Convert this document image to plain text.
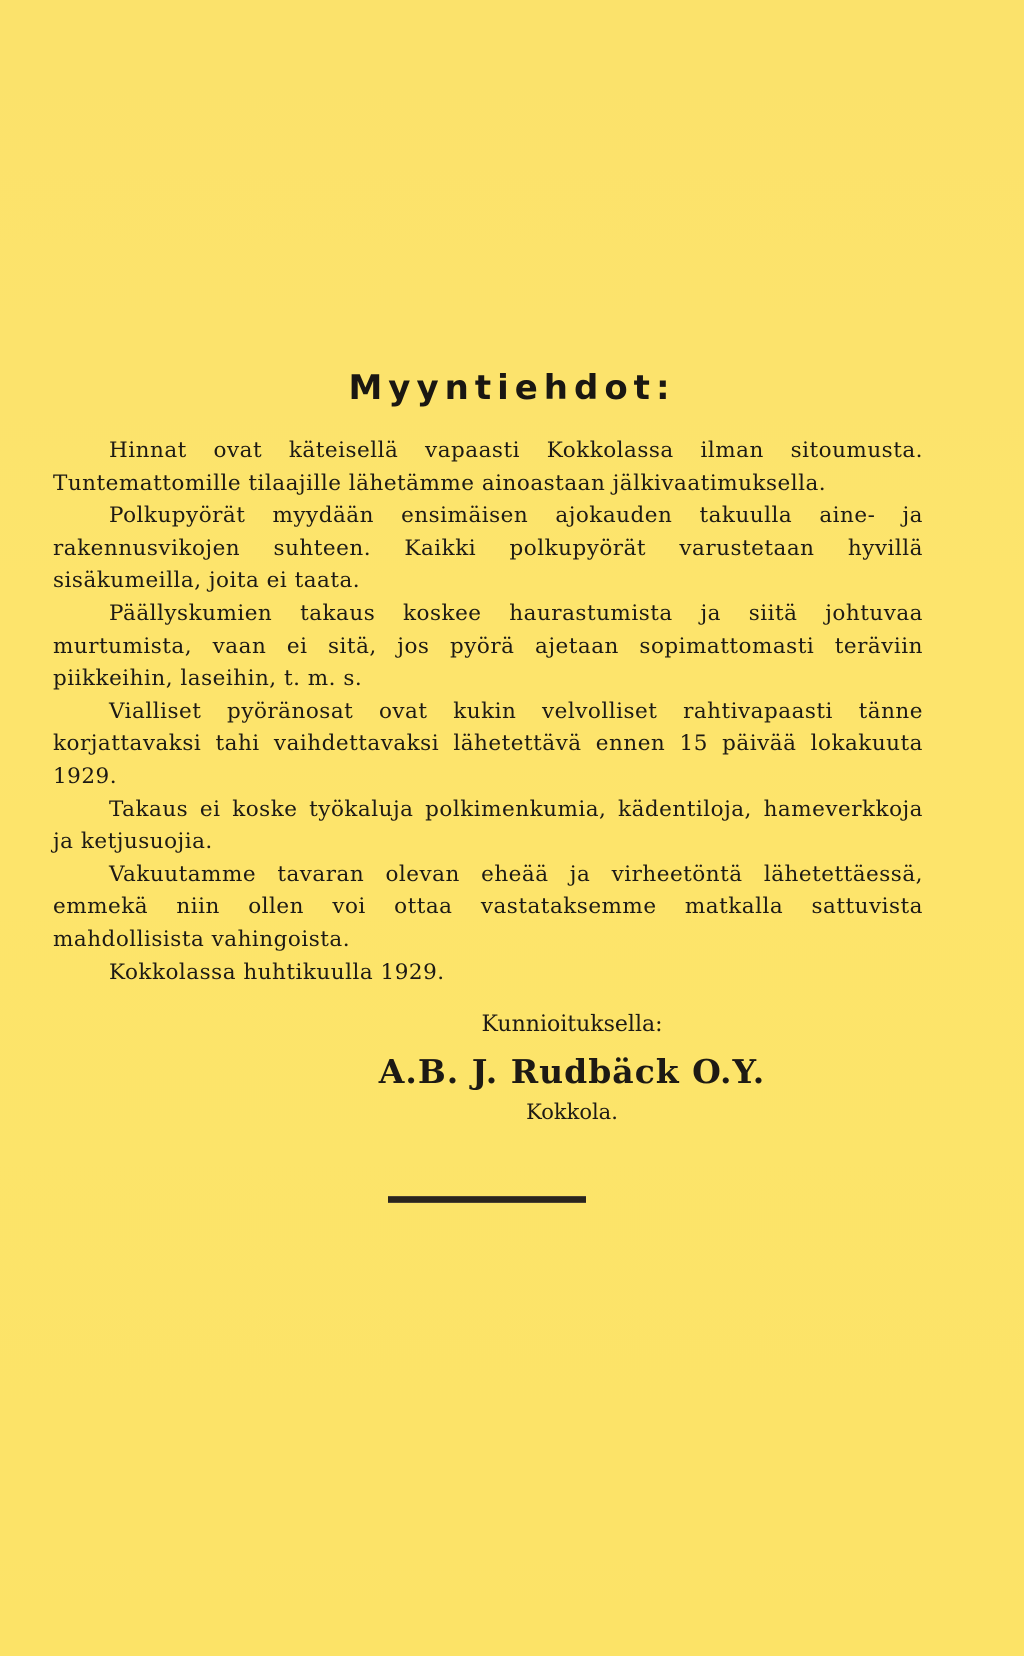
Myyntiehdot:

Hinnat ovat käteisellä vapaasti Kokkolassa ilman sitoumusta. Tuntemattomille tilaajille lähetämme ainoastaan jälkivaatimuksella.

Polkupyörät myydään ensimäisen ajokauden takuulla aine- ja rakennusvikojen suhteen. Kaikki polkupyörät varustetaan hyvillä sisäkumeilla, joita ei taata.

Päällyskumien takaus koskee haurastumista ja siitä johtuvaa murtumista, vaan ei sitä, jos pyörä ajetaan sopimattomasti teräviin piikkeihin, laseihin, t. m. s.

Vialliset pyöränosat ovat kukin velvolliset rahtivapaasti tänne korjattavaksi tahi vaihdettavaksi lähetettävä ennen 15 päivää lokakuuta 1929.

Takaus ei koske työkaluja polkimenkumia, kädentiloja, hameverkkoja ja ketjusuojia.

Vakuutamme tavaran olevan eheää ja virheetöntä lähetettäessä, emmekä niin ollen voi ottaa vastataksemme matkalla sattuvista mahdollisista vahingoista.

Kokkolassa huhtikuulla 1929.

Kunnioituksella:
A.B. J. Rudbäck O.Y.
Kokkola.
